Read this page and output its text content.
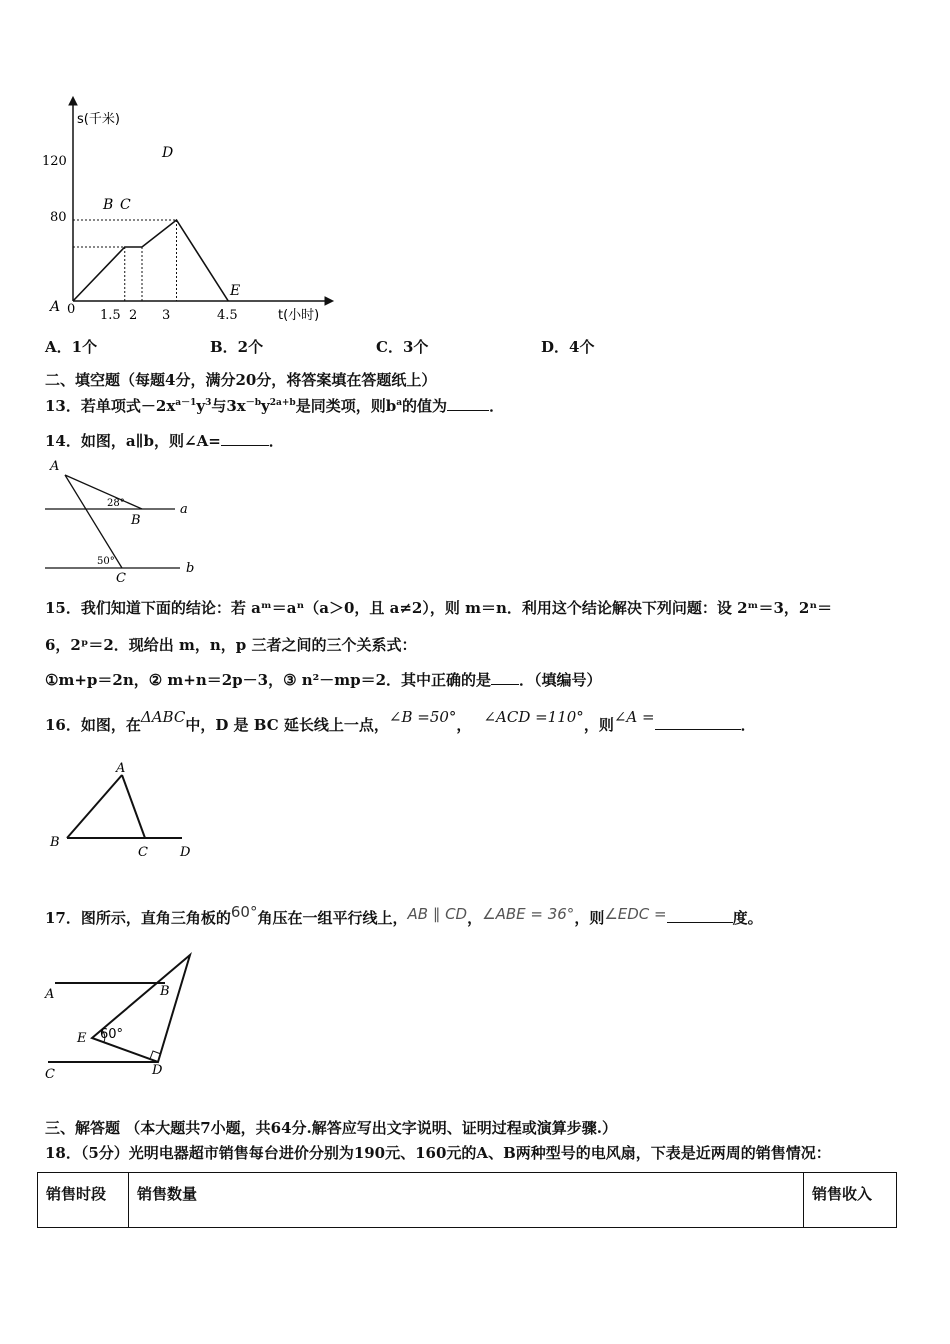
s(千米)
t(小时)
120
80
0 1.5 2 3	4.5
A
B C
D
E
A．1个	B．2个	C．3个	D．4个
二、填空题（每题4分，满分20分，将答案填在答题纸上）
13．若单项式$-2x^{a-1}y^3$与$3x^{-b}y^{2a+b}$是同类项，则$b^a$的值为	．
14．如图，a∥b，则∠A=	．
A
B
C
a
b
28°
50°
15．我们知道下面的结论：若 aᵐ＝aⁿ（a＞0，且 a≠2），则 m＝n．利用这个结论解决下列问题：设 2ᵐ＝3，2ⁿ＝
6，2ᵖ＝2．现给出 m，n，p 三者之间的三个关系式：
①m+p＝2n，② m+n＝2p－3，③ n²－mp＝2．其中正确的是 ．（填编号）
16．如图，在ΔABC中，D 是 BC 延长线上一点，∠B =50°， ∠ACD =110°，则∠A =	．
A
B
C D
17．图所示，直角三角板的60°角压在一组平行线上，AB ∥ CD，∠ABE = 36°，则∠EDC =	度。
A	B
C	D
E 60°
三、解答题 （本大题共7小题，共64分.解答应写出文字说明、证明过程或演算步骤.）
18．（5分）光明电器超市销售每台进价分别为190元、160元的A、B两种型号的电风扇，下表是近两周的销售情况：
销售时段	销售数量	销售收入
